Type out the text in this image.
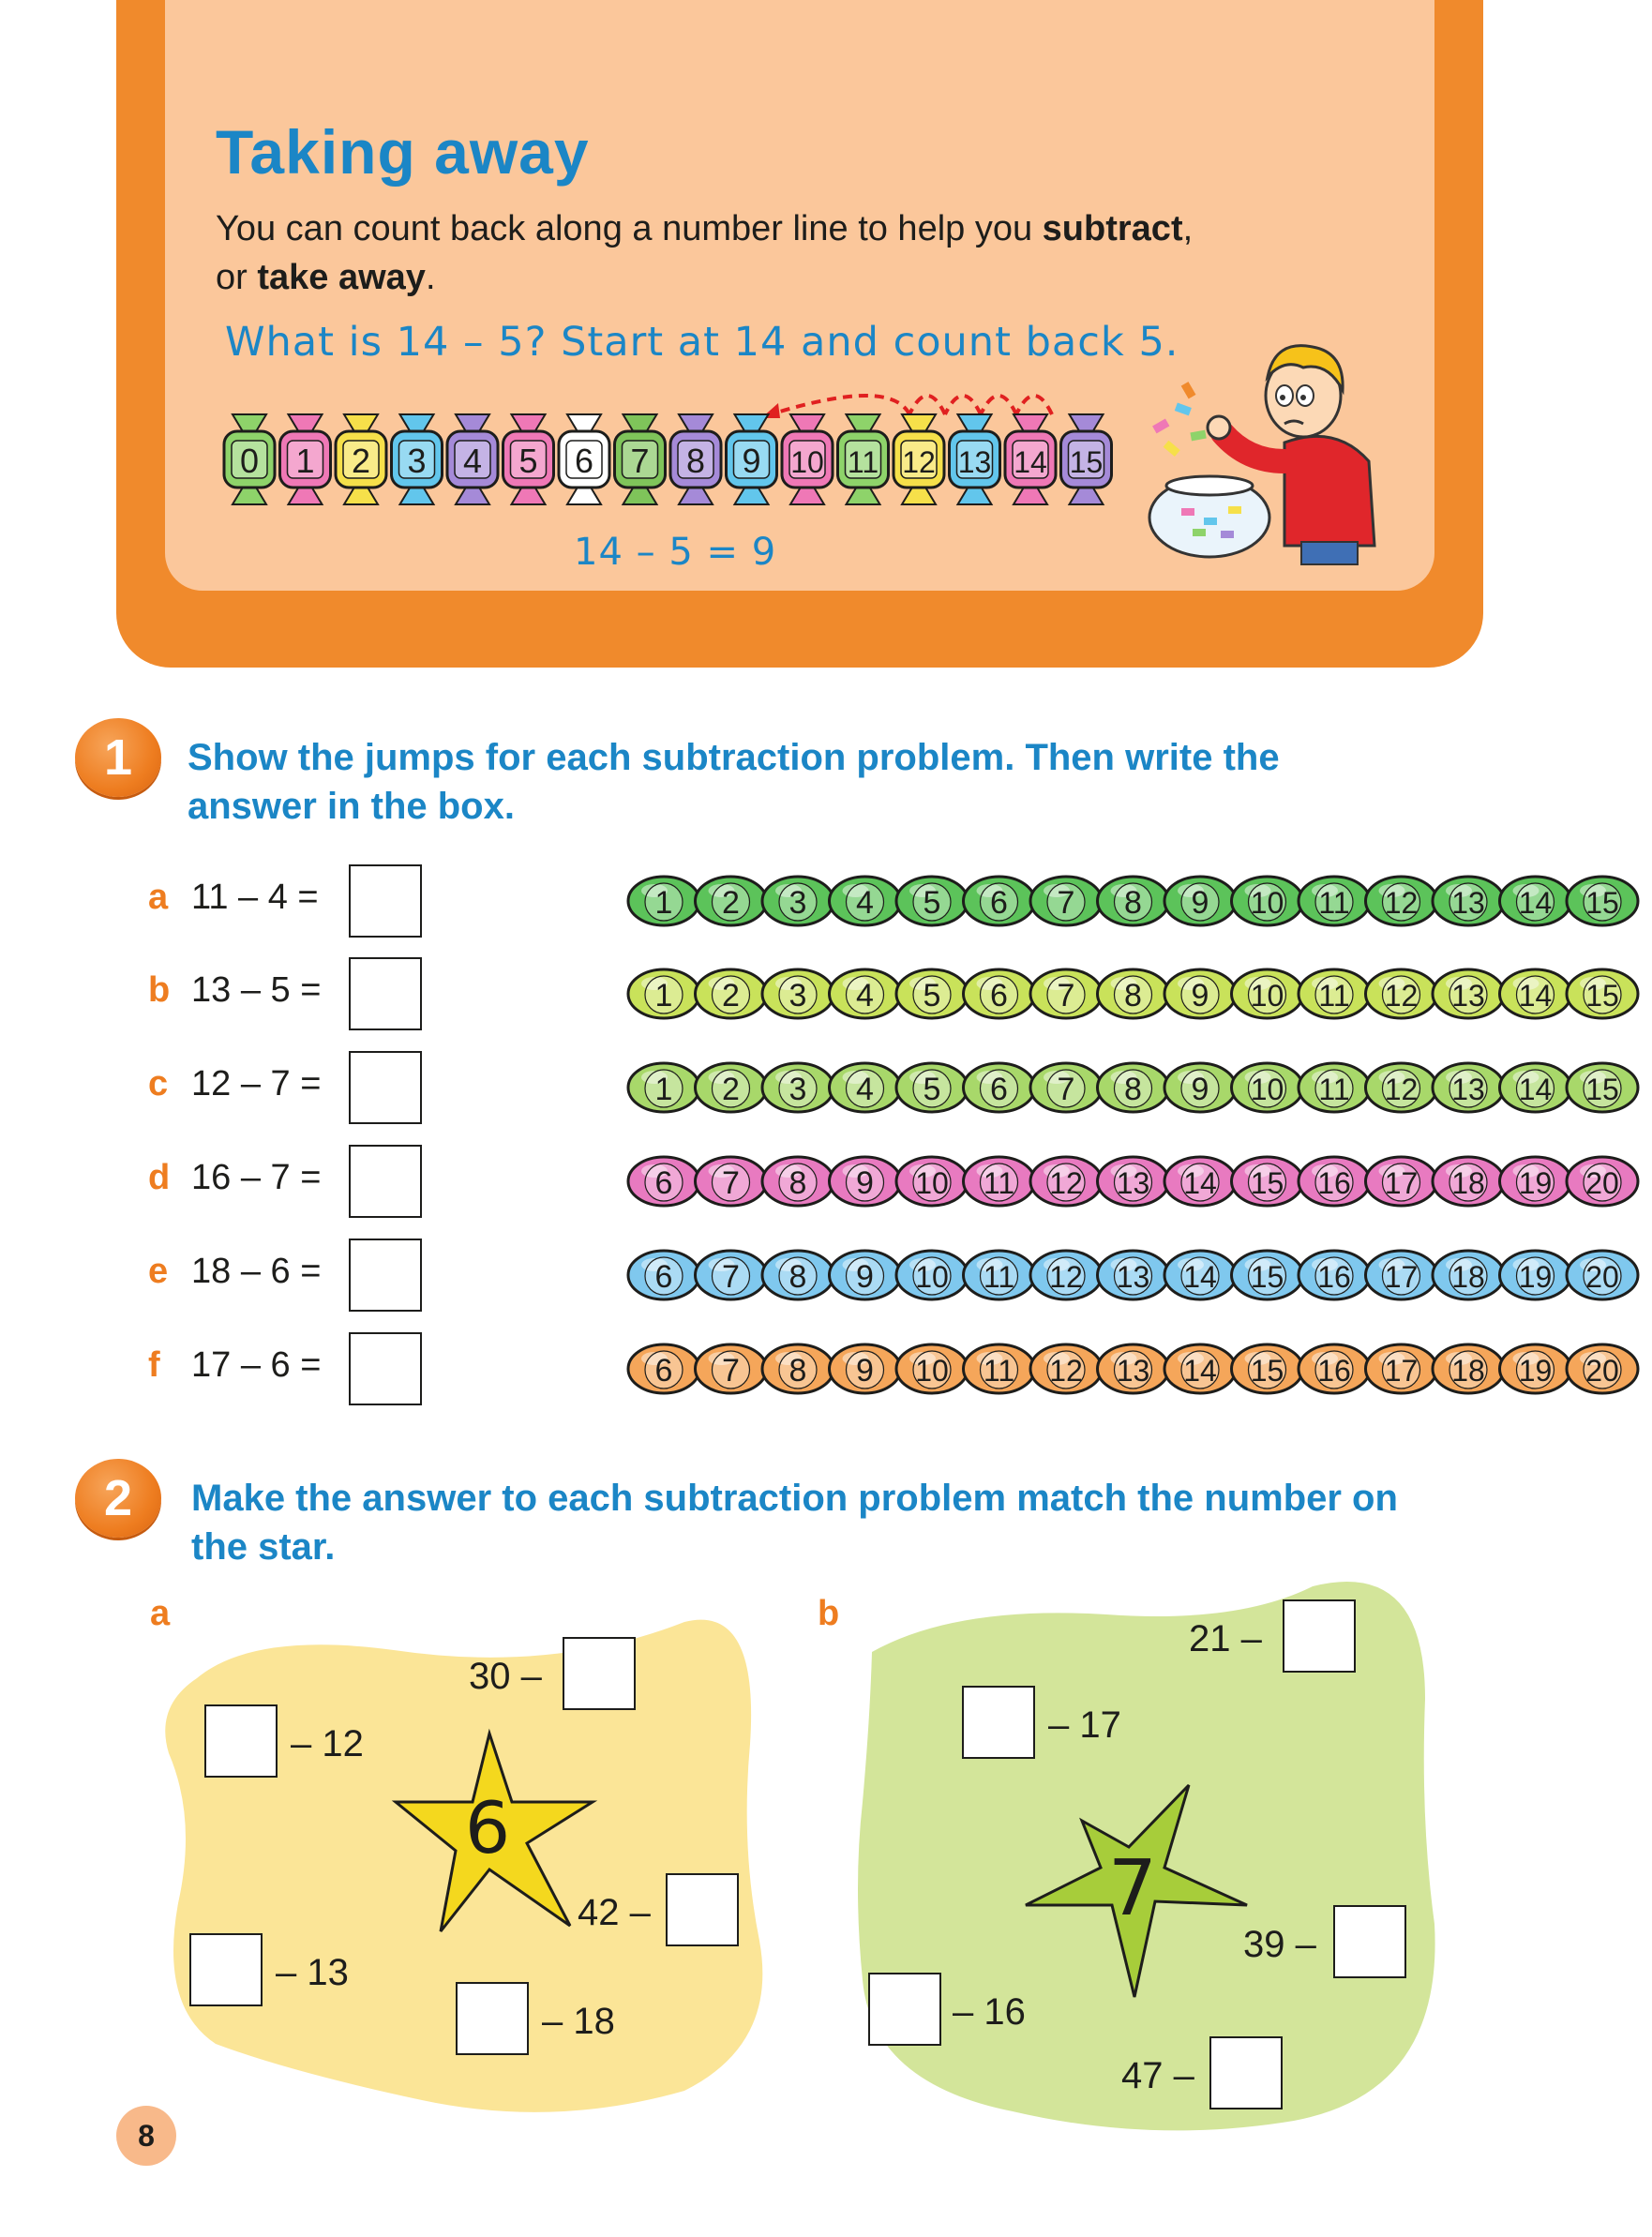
Taking away
You can count back along a number line to help you subtract,
or take away.
What is 14 – 5? Start at 14 and count back 5.
0 1 2 3 4 5 6 7 8 9 10 11 12 13 14 15
14 – 5 = 9
1	Show the jumps for each subtraction problem. Then write the
answer in the box.
a 11 – 4 =	1 2 3 4 5 6 7 8 9 10 11 12 13 14 15
b 13 – 5 =	1 2 3 4 5 6 7 8 9 10 11 12 13 14 15
c 12 – 7 =	1 2 3 4 5 6 7 8 9 10 11 12 13 14 15
d 16 – 7 =	6 7 8 9 10 11 12 13 14 15 16 17 18 19 20
e 18 – 6 =	6 7 8 9 10 11 12 13 14 15 16 17 18 19 20
f 17 – 6 =	6 7 8 9 10 11 12 13 14 15 16 17 18 19 20
2	Make the answer to each subtraction problem match the number on
the star.
a	b
6
30 –
– 12
42 –
– 13
– 18
7
21 –
– 17
39 –
– 16
47 –
8
